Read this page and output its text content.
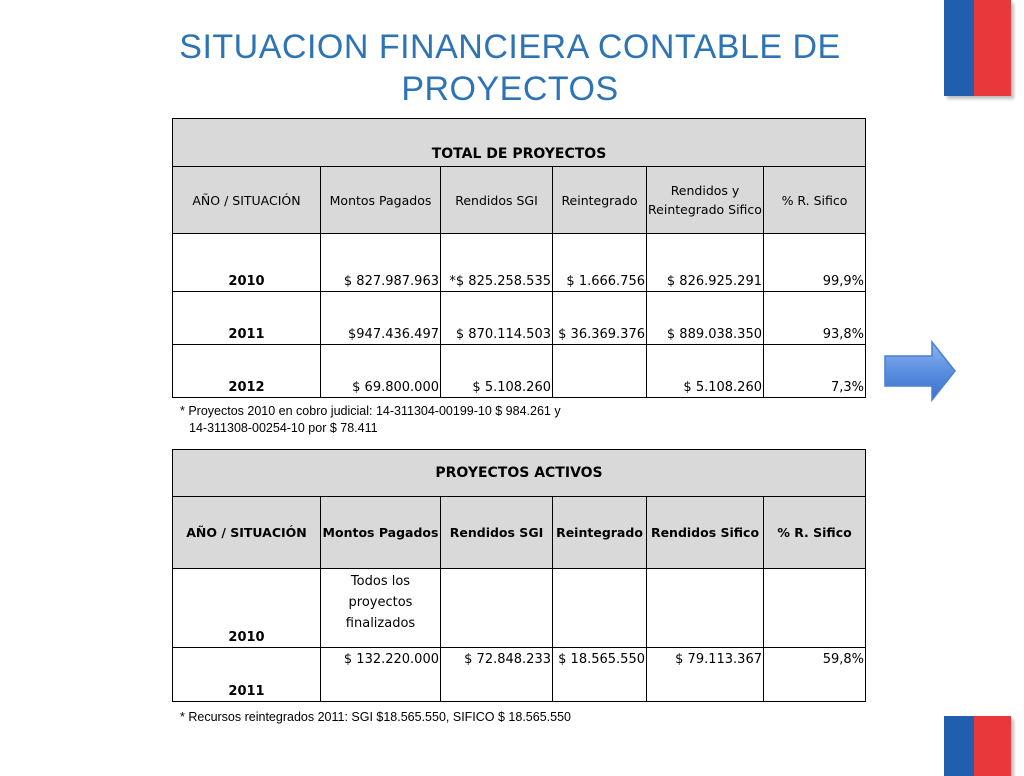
SITUACION FINANCIERA CONTABLE DE PROYECTOS
TOTAL DE PROYECTOS					
AÑO / SITUACIÓN	Montos Pagados	Rendidos SGI	Reintegrado	Rendidos y Reintegrado Sifico	% R. Sifico
2010	$ 827.987.963	*$ 825.258.535	$ 1.666.756	$ 826.925.291	99,9%
2011	$947.436.497	$ 870.114.503	$ 36.369.376	$ 889.038.350	93,8%
2012	$ 69.800.000	$ 5.108.260		$ 5.108.260	7,3%
* Proyectos 2010 en cobro judicial: 14-311304-00199-10 $ 984.261 y
14-311308-00254-10 por $ 78.411
PROYECTOS ACTIVOS					
AÑO / SITUACIÓN	Montos Pagados	Rendidos SGI	Reintegrado	Rendidos Sifico	% R. Sifico
2010	Todos los proyectos finalizados				
2011	$ 132.220.000	$ 72.848.233	$ 18.565.550	$ 79.113.367	59,8%
* Recursos reintegrados 2011: SGI $18.565.550, SIFICO $ 18.565.550
